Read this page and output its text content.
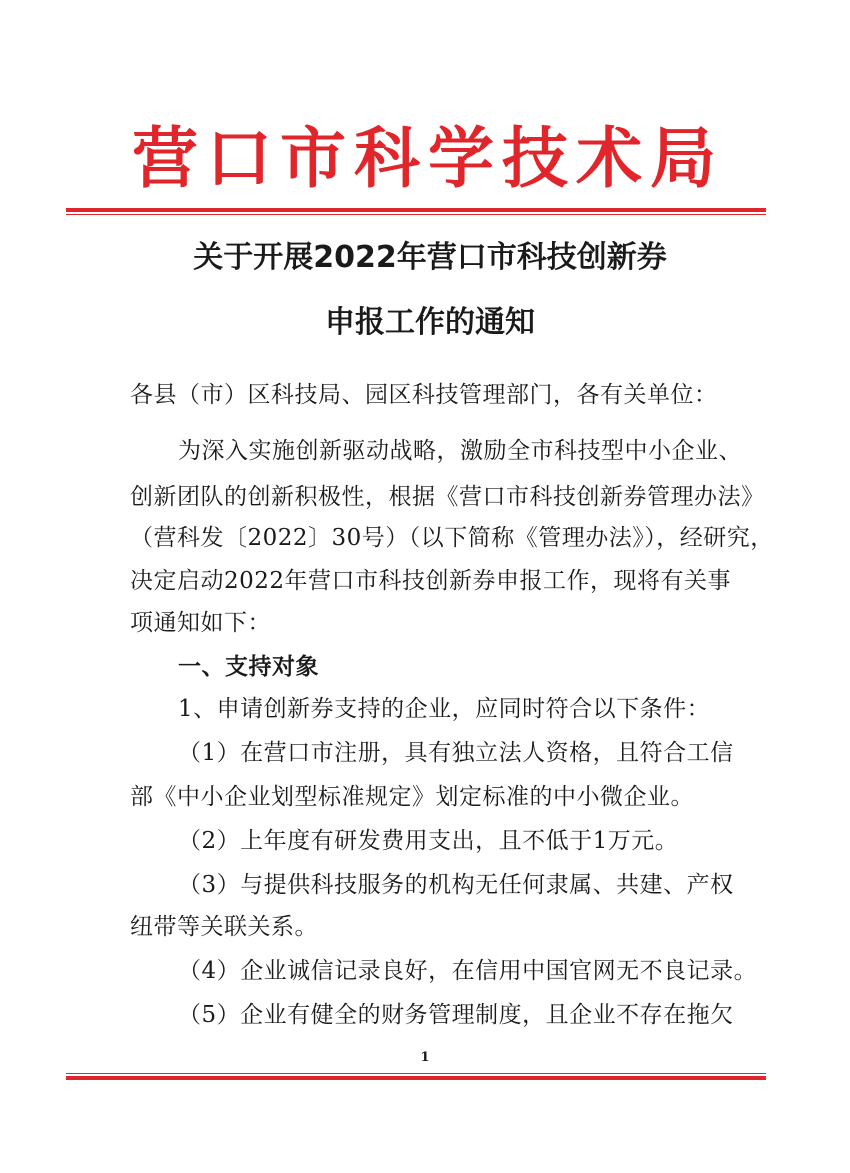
营口市科学技术局
关于开展2022年营口市科技创新券
申报工作的通知
各县（市）区科技局、园区科技管理部门，各有关单位：
为深入实施创新驱动战略，激励全市科技型中小企业、
创新团队的创新积极性，根据《营口市科技创新券管理办法》
（营科发〔2022〕30号）（以下简称《管理办法》），经研究，
决定启动2022年营口市科技创新券申报工作，现将有关事
项通知如下：
一、支持对象
1、申请创新券支持的企业，应同时符合以下条件：
（1）在营口市注册，具有独立法人资格，且符合工信
部《中小企业划型标准规定》划定标准的中小微企业。
（2）上年度有研发费用支出，且不低于1万元。
（3）与提供科技服务的机构无任何隶属、共建、产权
纽带等关联关系。
（4）企业诚信记录良好，在信用中国官网无不良记录。
（5）企业有健全的财务管理制度，且企业不存在拖欠
1
